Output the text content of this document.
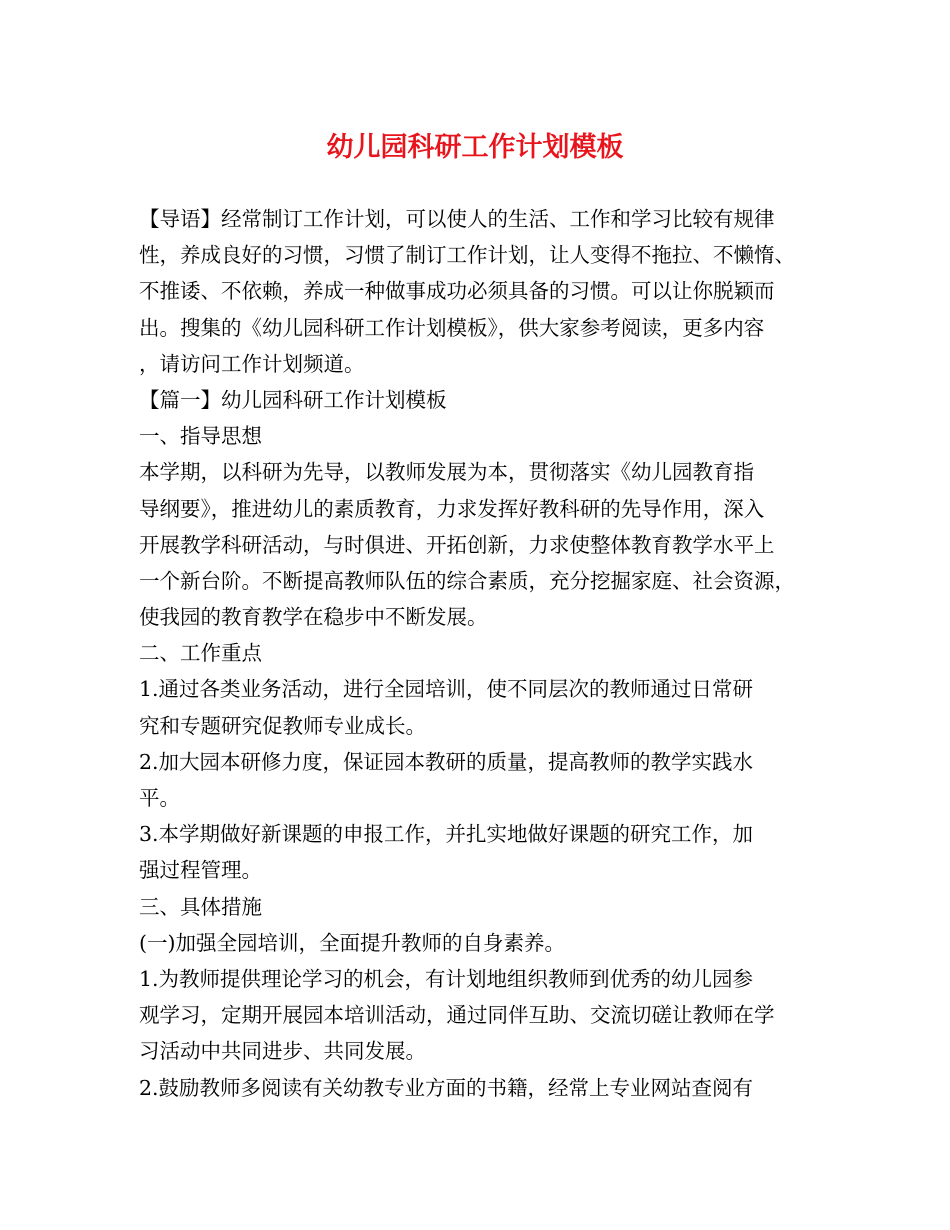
幼儿园科研工作计划模板
【导语】经常制订工作计划，可以使人的生活、工作和学习比较有规律
性，养成良好的习惯，习惯了制订工作计划，让人变得不拖拉、不懒惰、
不推诿、不依赖，养成一种做事成功必须具备的习惯。可以让你脱颖而
出。搜集的《幼儿园科研工作计划模板》，供大家参考阅读，更多内容
，请访问工作计划频道。
【篇一】幼儿园科研工作计划模板
一、指导思想
本学期，以科研为先导，以教师发展为本，贯彻落实《幼儿园教育指
导纲要》，推进幼儿的素质教育，力求发挥好教科研的先导作用，深入
开展教学科研活动，与时俱进、开拓创新，力求使整体教育教学水平上
一个新台阶。不断提高教师队伍的综合素质，充分挖掘家庭、社会资源，
使我园的教育教学在稳步中不断发展。
二、工作重点
1.通过各类业务活动，进行全园培训，使不同层次的教师通过日常研
究和专题研究促教师专业成长。
2.加大园本研修力度，保证园本教研的质量，提高教师的教学实践水
平。
3.本学期做好新课题的申报工作，并扎实地做好课题的研究工作，加
强过程管理。
三、具体措施
(一)加强全园培训，全面提升教师的自身素养。
1.为教师提供理论学习的机会，有计划地组织教师到优秀的幼儿园参
观学习，定期开展园本培训活动，通过同伴互助、交流切磋让教师在学
习活动中共同进步、共同发展。
2.鼓励教师多阅读有关幼教专业方面的书籍，经常上专业网站查阅有
